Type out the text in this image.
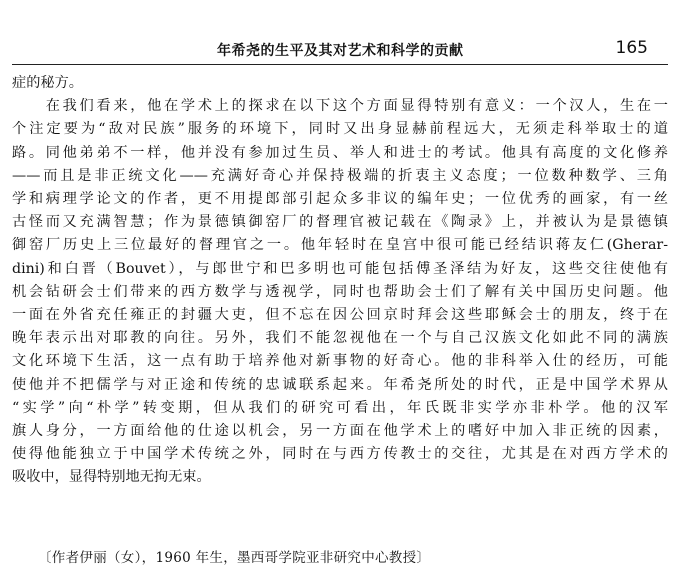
年希尧的生平及其对艺术和科学的贡献	165
症的秘方。
　　在我们看来，他在学术上的探求在以下这个方面显得特别有意义：一个汉人，生在一
个注定要为“敌对民族”服务的环境下，同时又出身显赫前程远大，无须走科举取士的道
路。同他弟弟不一样，他并没有参加过生员、举人和进士的考试。他具有高度的文化修养
——而且是非正统文化——充满好奇心并保持极端的折衷主义态度；一位数种数学、三角
学和病理学论文的作者，更不用提郎部引起众多非议的编年史；一位优秀的画家，有一丝
古怪而又充满智慧；作为景德镇御窑厂的督理官被记载在《陶录》上，并被认为是景德镇
御窑厂历史上三位最好的督理官之一。他年轻时在皇宫中很可能已经结识蒋友仁(Gherar-
dini)和白晋（Bouvet），与郎世宁和巴多明也可能包括傅圣泽结为好友，这些交往使他有
机会钻研会士们带来的西方数学与透视学，同时也帮助会士们了解有关中国历史问题。他
一面在外省充任雍正的封疆大吏，但不忘在因公回京时拜会这些耶稣会士的朋友，终于在
晚年表示出对耶教的向往。另外，我们不能忽视他在一个与自己汉族文化如此不同的满族
文化环境下生活，这一点有助于培养他对新事物的好奇心。他的非科举入仕的经历，可能
使他并不把儒学与对正途和传统的忠诚联系起来。年希尧所处的时代，正是中国学术界从
“实学”向“朴学”转变期，但从我们的研究可看出，年氏既非实学亦非朴学。他的汉军
旗人身分，一方面给他的仕途以机会，另一方面在他学术上的嗜好中加入非正统的因素，
使得他能独立于中国学术传统之外，同时在与西方传教士的交往，尤其是在对西方学术的
吸收中，显得特别地无拘无束。
〔作者伊丽（女），1960 年生，墨西哥学院亚非研究中心教授〕
